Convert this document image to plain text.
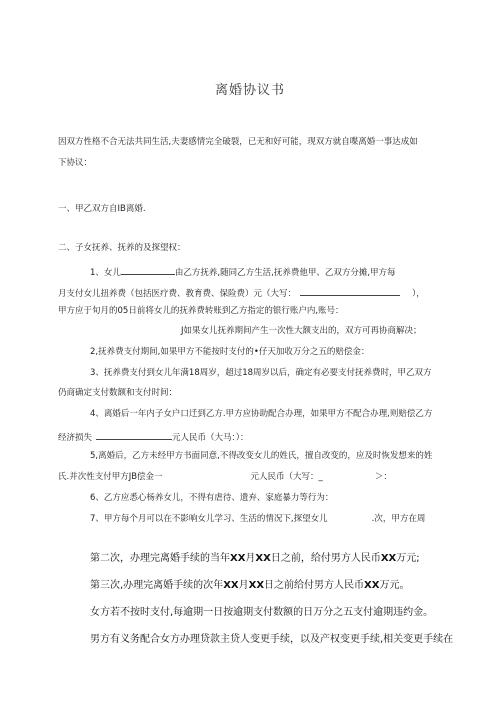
离婚协议书
因双方性格不合无法共同生活,夫妻感情完全破裂，已无和好可能，现双方就自喋离婚一事达成如
下协议：
一、甲乙双方自IB离婚.
二、子女抚养、抚养的及探望权：
1、女儿	由乙方抚养,随同乙方生活,抚养费他甲、乙双方分摊,甲方每
月支付女儿扭养费（包括医疗费、教育费、保险费）元（大写：	），
甲方应于旬月的05日前将女儿的抚养费转账到乙方指定的银行账户内,账号：
J如果女儿抚养期间产生一次性大额支出的，双方可再协商解决；
2,抚养费支付期间,如果甲方不能按时支付的•仔天加收万分之五的赔偿金：
3、抚养费支付到女儿年满18周岁，超过18周岁以后，确定有必要支付抚养费时，甲乙双方
仍商确定支付数额和支付时间：
4、离婚后一年内子女户口迁到乙方.甲方应协助配合办理，如果甲方不配合办理,则赔偿乙方
经济损失	元人民币（大马：）：
5,离婚后，乙方未经甲方书面同意,不得改变女儿的姓氏，擅自改变的，应及时恢发想来的姓
氏.并次性支付甲方JB偿金一	元人民币（大写：_	＞：
6、乙方应悉心杨养女儿，不得有虐待、遗弃、家庭暴力等行为：
7、甲方每个月可以在不影响女儿学习、生活的情况下,探望女儿	.次，甲方在周
第二次，办理完离婚手续的当年XX月XX日之前，给付男方人民币XX万元;
第三次,办理完离婚手续的次年XX月XX日之前给付男方人民币XX万元。
女方若不按时支付,每逾期一日按逾期支付数额的日万分之五支付逾期违约金。
男方有义务配合女方办理贷款主贷人变更手续，以及产权变更手续,相关变更手续在
